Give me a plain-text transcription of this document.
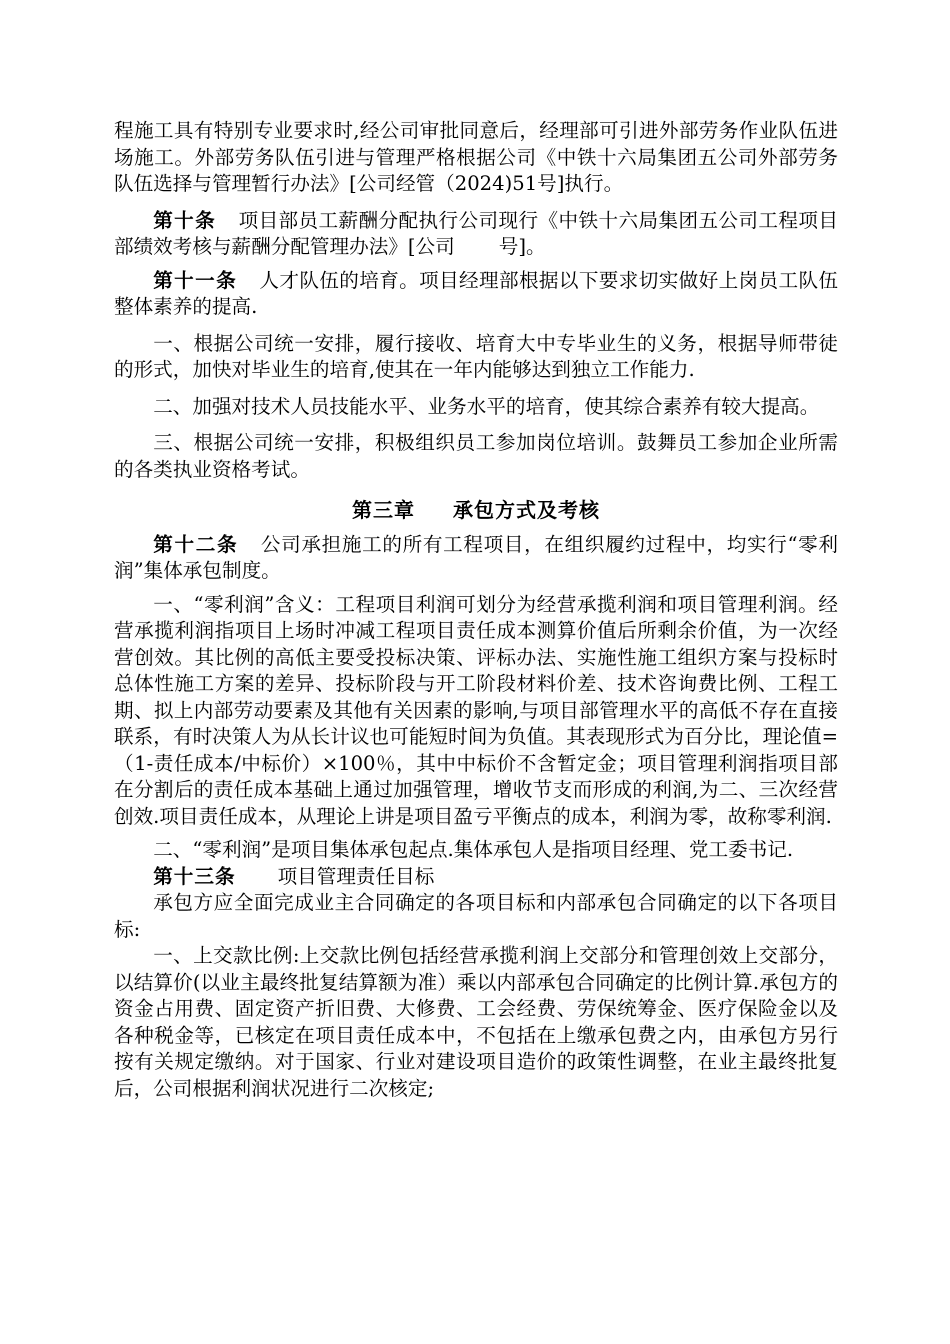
程施工具有特别专业要求时,经公司审批同意后，经理部可引进外部劳务作业队伍进场施工。外部劳务队伍引进与管理严格根据公司《中铁十六局集团五公司外部劳务队伍选择与管理暂行办法》[公司经管（2024)51号]执行。

第十条 项目部员工薪酬分配执行公司现行《中铁十六局集团五公司工程项目部绩效考核与薪酬分配管理办法》[公司 号]。

第十一条 人才队伍的培育。项目经理部根据以下要求切实做好上岗员工队伍整体素养的提高.

一、根据公司统一安排，履行接收、培育大中专毕业生的义务，根据导师带徒的形式，加快对毕业生的培育,使其在一年内能够达到独立工作能力.

二、加强对技术人员技能水平、业务水平的培育，使其综合素养有较大提高。

三、根据公司统一安排，积极组织员工参加岗位培训。鼓舞员工参加企业所需的各类执业资格考试。

第三章 承包方式及考核

第十二条 公司承担施工的所有工程项目，在组织履约过程中，均实行“零利润”集体承包制度。

一、“零利润”含义：工程项目利润可划分为经营承揽利润和项目管理利润。经营承揽利润指项目上场时冲减工程项目责任成本测算价值后所剩余价值，为一次经营创效。其比例的高低主要受投标决策、评标办法、实施性施工组织方案与投标时总体性施工方案的差异、投标阶段与开工阶段材料价差、技术咨询费比例、工程工期、拟上内部劳动要素及其他有关因素的影响,与项目部管理水平的高低不存在直接联系，有时决策人为从长计议也可能短时间为负值。其表现形式为百分比，理论值=（1-责任成本/中标价）×100％，其中中标价不含暂定金；项目管理利润指项目部在分割后的责任成本基础上通过加强管理，增收节支而形成的利润,为二、三次经营创效.项目责任成本，从理论上讲是项目盈亏平衡点的成本，利润为零，故称零利润.

二、“零利润”是项目集体承包起点.集体承包人是指项目经理、党工委书记.

第十三条 项目管理责任目标

承包方应全面完成业主合同确定的各项目标和内部承包合同确定的以下各项目标:

一、上交款比例:上交款比例包括经营承揽利润上交部分和管理创效上交部分，以结算价(以业主最终批复结算额为准）乘以内部承包合同确定的比例计算.承包方的资金占用费、固定资产折旧费、大修费、工会经费、劳保统筹金、医疗保险金以及各种税金等，已核定在项目责任成本中，不包括在上缴承包费之内，由承包方另行按有关规定缴纳。对于国家、行业对建设项目造价的政策性调整，在业主最终批复后，公司根据利润状况进行二次核定;
